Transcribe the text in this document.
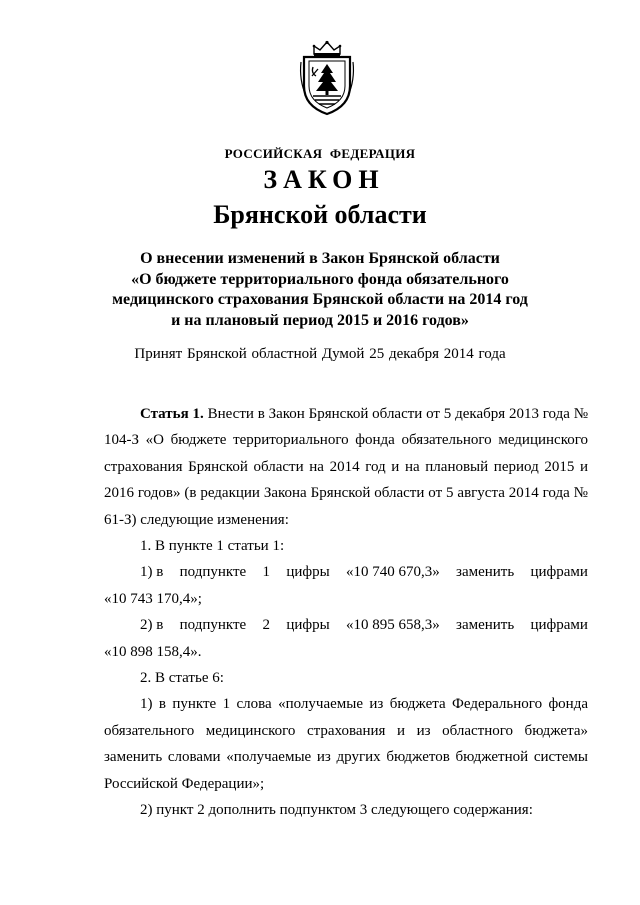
РОССИЙСКАЯ ФЕДЕРАЦИЯ
ЗАКОН
Брянской области
О внесении изменений в Закон Брянской области
«О бюджете территориального фонда обязательного
медицинского страхования Брянской области на 2014 год
и на плановый период 2015 и 2016 годов»
Принят Брянской областной Думой 25 декабря 2014 года

Статья 1. Внести в Закон Брянской области от 5 декабря 2013 года № 104-З «О бюджете территориального фонда обязательного медицинского страхования Брянской области на 2014 год и на плановый период 2015 и 2016 годов» (в редакции Закона Брянской области от 5 августа 2014 года № 61-З) следующие изменения:

1. В пункте 1 статьи 1:

1) в подпункте 1 цифры «10 740 670,3» заменить цифрами

«10 743 170,4»;

2) в подпункте 2 цифры «10 895 658,3» заменить цифрами

«10 898 158,4».

2. В статье 6:

1) в пункте 1 слова «получаемые из бюджета Федерального фонда обязательного медицинского страхования и из областного бюджета» заменить словами «получаемые из других бюджетов бюджетной системы Российской Федерации»;

2) пункт 2 дополнить подпунктом 3 следующего содержания:
